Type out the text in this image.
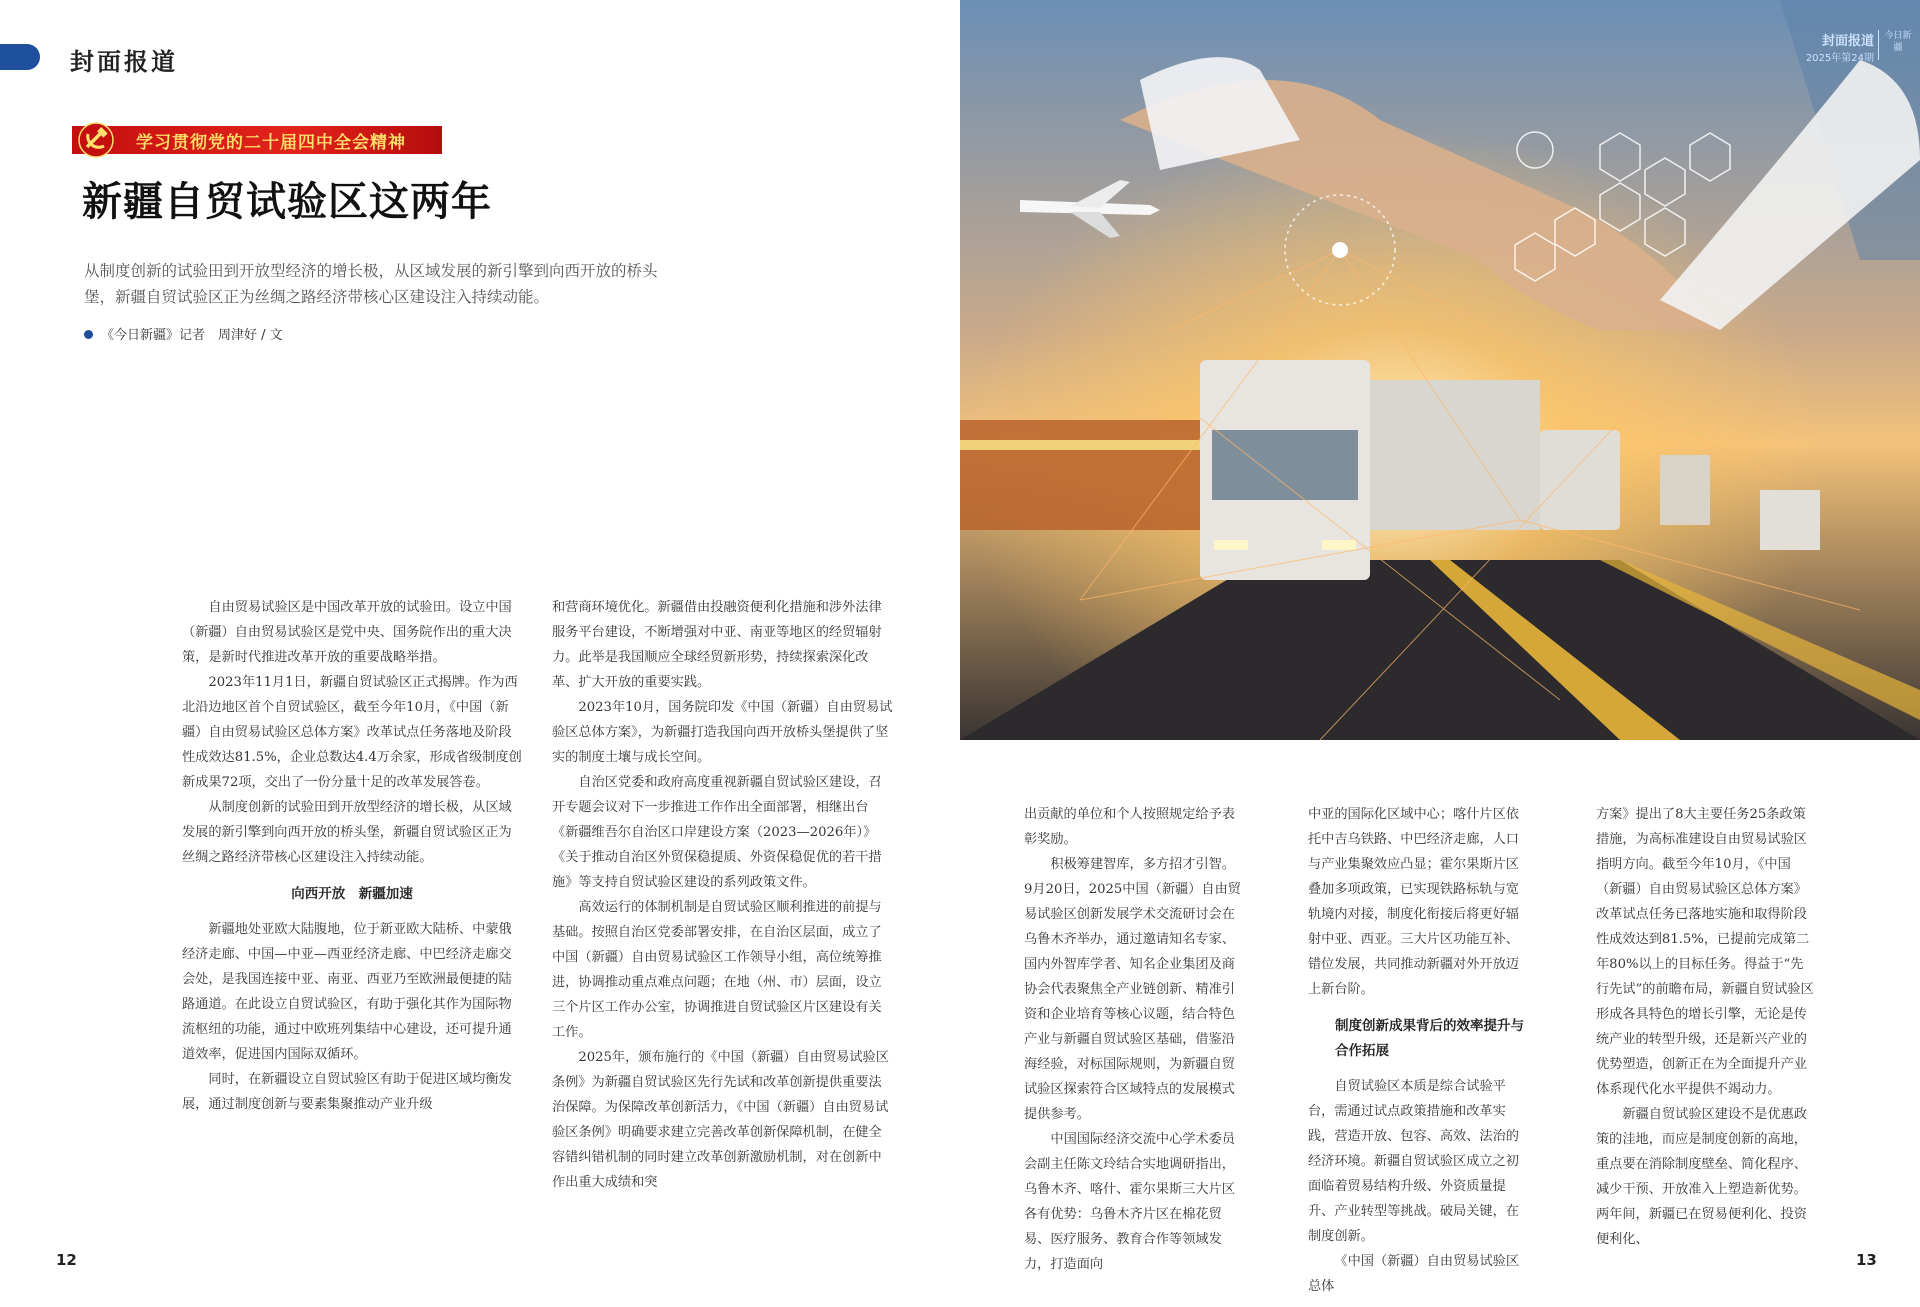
封面报道
学习贯彻党的二十届四中全会精神
新疆自贸试验区这两年
从制度创新的试验田到开放型经济的增长极，从区域发展的新引擎到向西开放的桥头堡，新疆自贸试验区正为丝绸之路经济带核心区建设注入持续动能。
《今日新疆》记者　周津好 / 文

自由贸易试验区是中国改革开放的试验田。设立中国（新疆）自由贸易试验区是党中央、国务院作出的重大决策，是新时代推进改革开放的重要战略举措。

2023年11月1日，新疆自贸试验区正式揭牌。作为西北沿边地区首个自贸试验区，截至今年10月，《中国（新疆）自由贸易试验区总体方案》改革试点任务落地及阶段性成效达81.5%，企业总数达4.4万余家，形成省级制度创新成果72项，交出了一份分量十足的改革发展答卷。

从制度创新的试验田到开放型经济的增长极，从区域发展的新引擎到向西开放的桥头堡，新疆自贸试验区正为丝绸之路经济带核心区建设注入持续动能。

向西开放　新疆加速

新疆地处亚欧大陆腹地，位于新亚欧大陆桥、中蒙俄经济走廊、中国—中亚—西亚经济走廊、中巴经济走廊交会处，是我国连接中亚、南亚、西亚乃至欧洲最便捷的陆路通道。在此设立自贸试验区，有助于强化其作为国际物流枢纽的功能，通过中欧班列集结中心建设，还可提升通道效率，促进国内国际双循环。

同时，在新疆设立自贸试验区有助于促进区域均衡发展，通过制度创新与要素集聚推动产业升级

和营商环境优化。新疆借由投融资便利化措施和涉外法律服务平台建设，不断增强对中亚、南亚等地区的经贸辐射力。此举是我国顺应全球经贸新形势，持续探索深化改革、扩大开放的重要实践。

2023年10月，国务院印发《中国（新疆）自由贸易试验区总体方案》，为新疆打造我国向西开放桥头堡提供了坚实的制度土壤与成长空间。

自治区党委和政府高度重视新疆自贸试验区建设，召开专题会议对下一步推进工作作出全面部署，相继出台《新疆维吾尔自治区口岸建设方案（2023—2026年）》《关于推动自治区外贸保稳提质、外资保稳促优的若干措施》等支持自贸试验区建设的系列政策文件。

高效运行的体制机制是自贸试验区顺利推进的前提与基础。按照自治区党委部署安排，在自治区层面，成立了中国（新疆）自由贸易试验区工作领导小组，高位统筹推进，协调推动重点难点问题；在地（州、市）层面，设立三个片区工作办公室，协调推进自贸试验区片区建设有关工作。

2025年，颁布施行的《中国（新疆）自由贸易试验区条例》为新疆自贸试验区先行先试和改革创新提供重要法治保障。为保障改革创新活力，《中国（新疆）自由贸易试验区条例》明确要求建立完善改革创新保障机制，在健全容错纠错机制的同时建立改革创新激励机制，对在创新中作出重大成绩和突

12
封面报道
2025年第24期
今日新疆

出贡献的单位和个人按照规定给予表彰奖励。

积极筹建智库，多方招才引智。9月20日，2025中国（新疆）自由贸易试验区创新发展学术交流研讨会在乌鲁木齐举办，通过邀请知名专家、国内外智库学者、知名企业集团及商协会代表聚焦全产业链创新、精准引资和企业培育等核心议题，结合特色产业与新疆自贸试验区基础，借鉴沿海经验，对标国际规则，为新疆自贸试验区探索符合区域特点的发展模式提供参考。

中国国际经济交流中心学术委员会副主任陈文玲结合实地调研指出，乌鲁木齐、喀什、霍尔果斯三大片区各有优势：乌鲁木齐片区在棉花贸易、医疗服务、教育合作等领域发力，打造面向

中亚的国际化区域中心；喀什片区依托中吉乌铁路、中巴经济走廊，人口与产业集聚效应凸显；霍尔果斯片区叠加多项政策，已实现铁路标轨与宽轨境内对接，制度化衔接后将更好辐射中亚、西亚。三大片区功能互补、错位发展，共同推动新疆对外开放迈上新台阶。

制度创新成果背后的效率提升与合作拓展

自贸试验区本质是综合试验平台，需通过试点政策措施和改革实践，营造开放、包容、高效、法治的经济环境。新疆自贸试验区成立之初面临着贸易结构升级、外资质量提升、产业转型等挑战。破局关键，在制度创新。

《中国（新疆）自由贸易试验区总体

方案》提出了8大主要任务25条政策措施，为高标准建设自由贸易试验区指明方向。截至今年10月，《中国（新疆）自由贸易试验区总体方案》改革试点任务已落地实施和取得阶段性成效达到81.5%，已提前完成第二年80%以上的目标任务。得益于“先行先试”的前瞻布局，新疆自贸试验区形成各具特色的增长引擎，无论是传统产业的转型升级，还是新兴产业的优势塑造，创新正在为全面提升产业体系现代化水平提供不竭动力。

新疆自贸试验区建设不是优惠政策的洼地，而应是制度创新的高地，重点要在消除制度壁垒、简化程序、减少干预、开放准入上塑造新优势。两年间，新疆已在贸易便利化、投资便利化、

13
